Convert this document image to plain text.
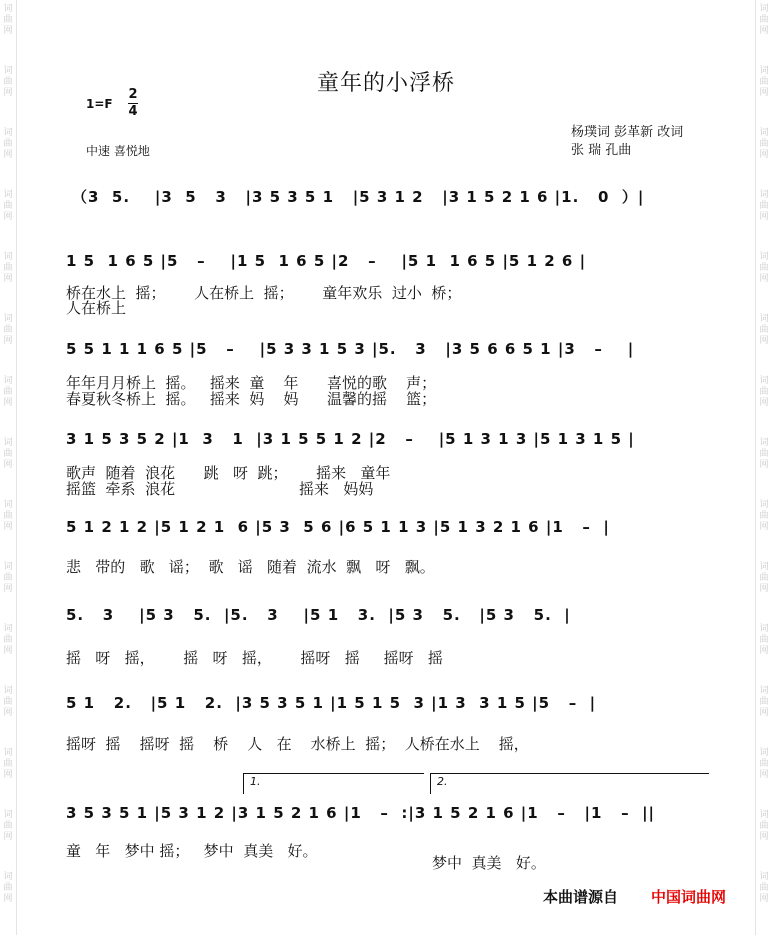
词
曲
网
词
曲
网
词
曲
网
词
曲
网
词
曲
网
词
曲
网
词
曲
网
词
曲
网
词
曲
网
词
曲
网
词
曲
网
词
曲
网
词
曲
网
词
曲
网
词
曲
网
词
曲
网
词
曲
网
词
曲
网
词
曲
网
词
曲
网
词
曲
网
词
曲
网
词
曲
网
词
曲
网
词
曲
网
词
曲
网
词
曲
网
词
曲
网
词
曲
网
词
曲
网
童年的小浮桥
1=F
2
4
中速 喜悦地
杨璞词 彭革新 改词
张 瑞 孔曲
（3  5.    |3  5   3   |3 5 3 5 1   |5 3 1 2   |3 1 5 2 1 6 |1.   0  ）|
1 5  1 6 5 |5   –    |1 5  1 6 5 |2   –    |5 1  1 6 5 |5 1 2 6 |
桥在水上  摇；      人在桥上  摇；      童年欢乐  过小  桥；
人在桥上
5 5 1 1 1 6 5 |5   –    |5 3 3 1 5 3 |5.   3   |3 5 6 6 5 1 |3   –    |
年年月月桥上  摇。   摇来  童    年      喜悦的歌    声；
春夏秋冬桥上  摇。   摇来  妈    妈      温馨的摇    篮；
3 1 5 3 5 2 |1  3   1  |3 1 5 5 1 2 |2   –    |5 1 3 1 3 |5 1 3 1 5 |
歌声  随着  浪花      跳   呀  跳；      摇来   童年
摇篮  牵系  浪花                          摇来   妈妈
5 1 2 1 2 |5 1 2 1  6 |5 3  5 6 |6 5 1 1 3 |5 1 3 2 1 6 |1   –  |
悲   带的   歌   谣；  歌   谣   随着  流水  飘   呀   飘。
5.   3    |5 3   5.  |5.   3    |5 1   3.  |5 3   5.   |5 3   5.  |
摇   呀   摇，      摇   呀   摇，      摇呀   摇     摇呀   摇
5 1   2.   |5 1   2.  |3 5 3 5 1 |1 5 1 5  3 |1 3  3 1 5 |5   –  |
摇呀  摇    摇呀  摇    桥    人   在    水桥上  摇；  人桥在水上    摇，
1.	2.
3 5 3 5 1 |5 3 1 2 |3 1 5 2 1 6 |1   –  :|3 1 5 2 1 6 |1   –   |1   –  ||
童   年   梦中 摇；   梦中  真美   好。
梦中  真美   好。
本曲谱源自 中国词曲网
